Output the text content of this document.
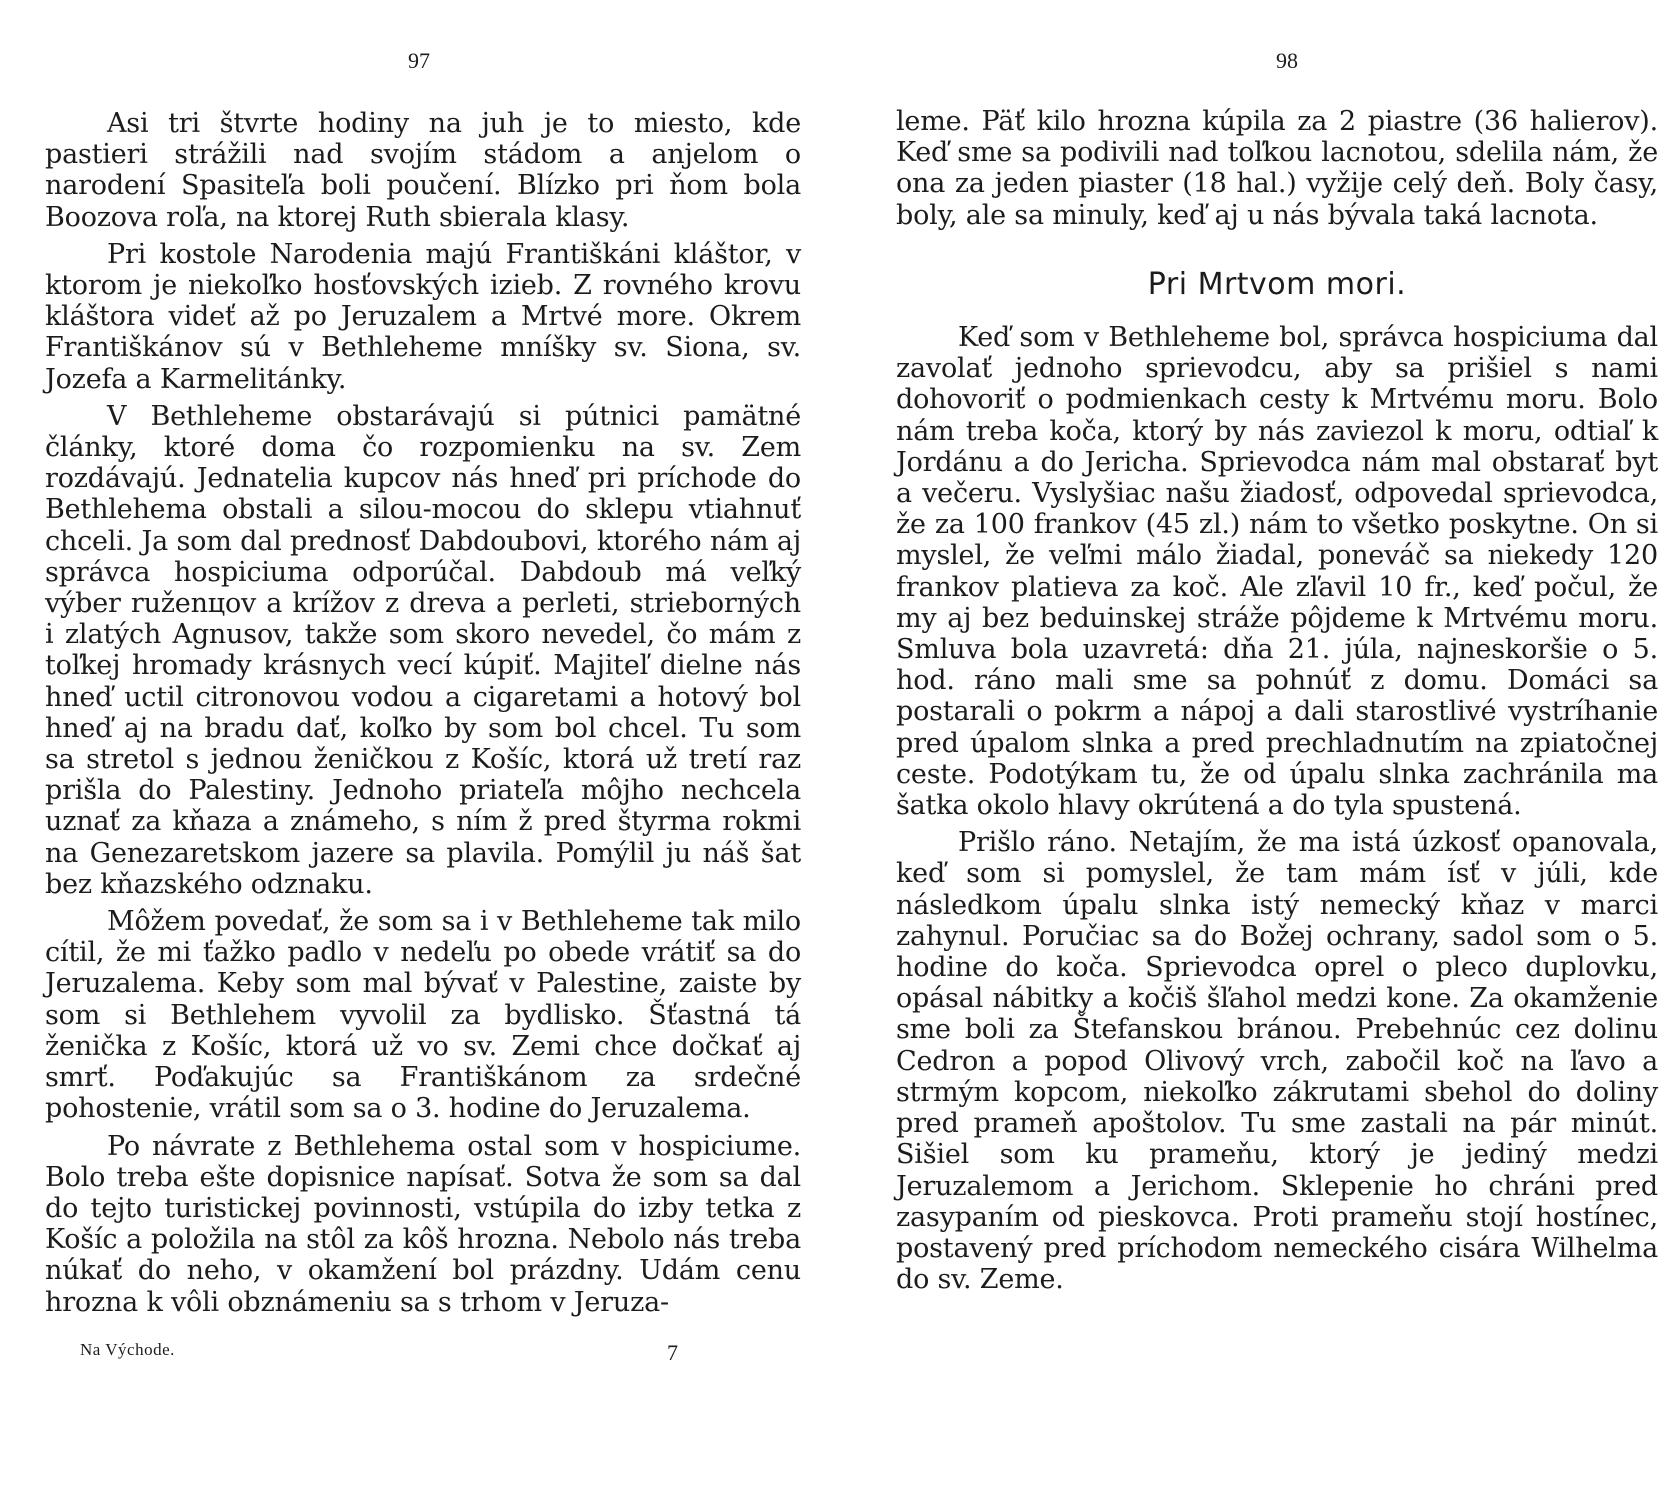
97

Asi tri štvrte hodiny na juh je to miesto, kde pastieri strážili nad svojím stádom a anjelom o narodení Spasiteľa boli poučení. Blízko pri ňom bola Boozova roľa, na ktorej Ruth sbierala klasy.

Pri kostole Narodenia majú Františkáni kláštor, v ktorom je niekoľko hosťovských izieb. Z rovného krovu kláštora videť až po Jeruzalem a Mrtvé more. Okrem Františkánov sú v Bethleheme mníšky sv. Siona, sv. Jozefa a Karmelitánky.

V Bethleheme obstarávajú si pútnici pamätné články, ktoré doma čo rozpomienku na sv. Zem rozdávajú. Jednatelia kupcov nás hneď pri príchode do Bethlehema obstali a silou-mocou do sklepu vtiahnuť chceli. Ja som dal prednosť Dabdoubovi, ktorého nám aj správca hospiciuma odporúčal. Dabdoub má veľký výber ruženцov a krížov z dreva a perleti, strieborných i zlatých Agnusov, takže som skoro nevedel, čo mám z toľkej hromady krásnych vecí kúpiť. Majiteľ dielne nás hneď uctil citronovou vodou a cigaretami a hotový bol hneď aj na bradu dať, koľko by som bol chcel. Tu som sa stretol s jednou ženičkou z Košíc, ktorá už tretí raz prišla do Palestiny. Jednoho priateľa môjho nechcela uznať za kňaza a známeho, s ním ž pred štyrma rokmi na Genezaretskom jazere sa plavila. Pomýlil ju náš šat bez kňazského odznaku.

Môžem povedať, že som sa i v Bethleheme tak milo cítil, že mi ťažko padlo v nedeľu po obede vrátiť sa do Jeruzalema. Keby som mal bývať v Palestine, zaiste by som si Bethlehem vyvolil za bydlisko. Šťastná tá ženička z Košíc, ktorá už vo sv. Zemi chce dočkať aj smrť. Poďakujúc sa Františkánom za srdečné pohostenie, vrátil som sa o 3. hodine do Jeruzalema.

Po návrate z Bethlehema ostal som v hospiciume. Bolo treba ešte dopisnice napísať. Sotva že som sa dal do tejto turistickej povinnosti, vstúpila do izby tetka z Košíc a položila na stôl za kôš hrozna. Nebolo nás treba núkať do neho, v okamžení bol prázdny. Udám cenu hrozna k vôli obznámeniu sa s trhom v Jeruza-

Na Východe.	7
98

leme. Päť kilo hrozna kúpila za 2 piastre (36 halierov). Keď sme sa podivili nad toľkou lacnotou, sdelila nám, že ona za jeden piaster (18 hal.) vyžije celý deň. Boly časy, boly, ale sa minuly, keď aj u nás bývala taká lacnota.

Pri Mrtvom mori.

Keď som v Bethleheme bol, správca hospiciuma dal zavolať jednoho sprievodcu, aby sa prišiel s nami dohovoriť o podmienkach cesty k Mrtvému moru. Bolo nám treba koča, ktorý by nás zaviezol k moru, odtiaľ k Jordánu a do Jericha. Sprievodca nám mal obstarať byt a večeru. Vyslyšiac našu žiadosť, odpovedal sprievodca, že za 100 frankov (45 zl.) nám to všetko poskytne. On si myslel, že veľmi málo žiadal, poneváč sa niekedy 120 frankov platieva za koč. Ale zľavil 10 fr., keď počul, že my aj bez beduinskej stráže pôjdeme k Mrtvému moru. Smluva bola uzavretá: dňa 21. júla, najneskoršie o 5. hod. ráno mali sme sa pohnúť z domu. Domáci sa postarali o pokrm a nápoj a dali starostlivé vystríhanie pred úpalom slnka a pred prechladnutím na zpiatočnej ceste. Podotýkam tu, že od úpalu slnka zachránila ma šatka okolo hlavy okrútená a do tyla spustená.

Prišlo ráno. Netajím, že ma istá úzkosť opanovala, keď som si pomyslel, že tam mám ísť v júli, kde následkom úpalu slnka istý nemecký kňaz v marci zahynul. Poručiac sa do Božej ochrany, sadol som o 5. hodine do koča. Sprievodca oprel o pleco duplovku, opásal nábitky a kočiš šľahol medzi kone. Za okamženie sme boli za Štefanskou bránou. Prebehnúc cez dolinu Cedron a popod Olivový vrch, zabočil koč na ľavo a strmým kopcom, niekoľko zákrutami sbehol do doliny pred prameň apoštolov. Tu sme zastali na pár minút. Sišiel som ku prameňu, ktorý je jediný medzi Jeruzalemom a Jerichom. Sklepenie ho chráni pred zasypaním od pieskovca. Proti prameňu stojí hostínec, postavený pred príchodom nemeckého cisára Wilhelma do sv. Zeme.
